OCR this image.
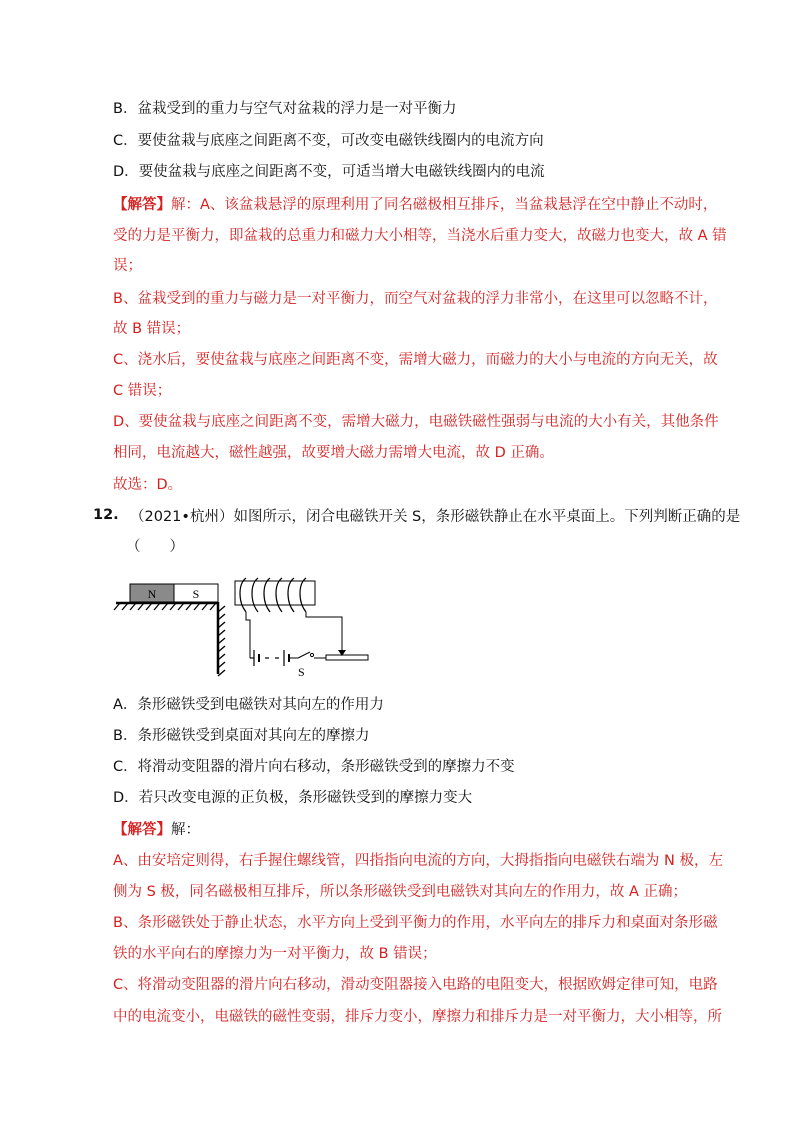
B．盆栽受到的重力与空气对盆栽的浮力是一对平衡力
C．要使盆栽与底座之间距离不变，可改变电磁铁线圈内的电流方向
D．要使盆栽与底座之间距离不变，可适当增大电磁铁线圈内的电流
【解答】解：A、该盆栽悬浮的原理利用了同名磁极相互排斥，当盆栽悬浮在空中静止不动时，
受的力是平衡力，即盆栽的总重力和磁力大小相等，当浇水后重力变大，故磁力也变大，故 A 错
误；
B、盆栽受到的重力与磁力是一对平衡力，而空气对盆栽的浮力非常小，在这里可以忽略不计，
故 B 错误；
C、浇水后，要使盆栽与底座之间距离不变，需增大磁力，而磁力的大小与电流的方向无关，故
C 错误；
D、要使盆栽与底座之间距离不变，需增大磁力，电磁铁磁性强弱与电流的大小有关，其他条件
相同，电流越大，磁性越强，故要增大磁力需增大电流，故 D 正确。
故选：D。
12. （2021•杭州）如图所示，闭合电磁铁开关 S，条形磁铁静止在水平桌面上。下列判断正确的是
（　　）
N	S
S
A．条形磁铁受到电磁铁对其向左的作用力
B．条形磁铁受到桌面对其向左的摩擦力
C．将滑动变阻器的滑片向右移动，条形磁铁受到的摩擦力不变
D．若只改变电源的正负极，条形磁铁受到的摩擦力变大
【解答】解：
A、由安培定则得，右手握住螺线管，四指指向电流的方向，大拇指指向电磁铁右端为 N 极，左
侧为 S 极，同名磁极相互排斥，所以条形磁铁受到电磁铁对其向左的作用力，故 A 正确；
B、条形磁铁处于静止状态，水平方向上受到平衡力的作用，水平向左的排斥力和桌面对条形磁
铁的水平向右的摩擦力为一对平衡力，故 B 错误；
C、将滑动变阻器的滑片向右移动，滑动变阻器接入电路的电阻变大，根据欧姆定律可知，电路
中的电流变小，电磁铁的磁性变弱，排斥力变小，摩擦力和排斥力是一对平衡力，大小相等，所
